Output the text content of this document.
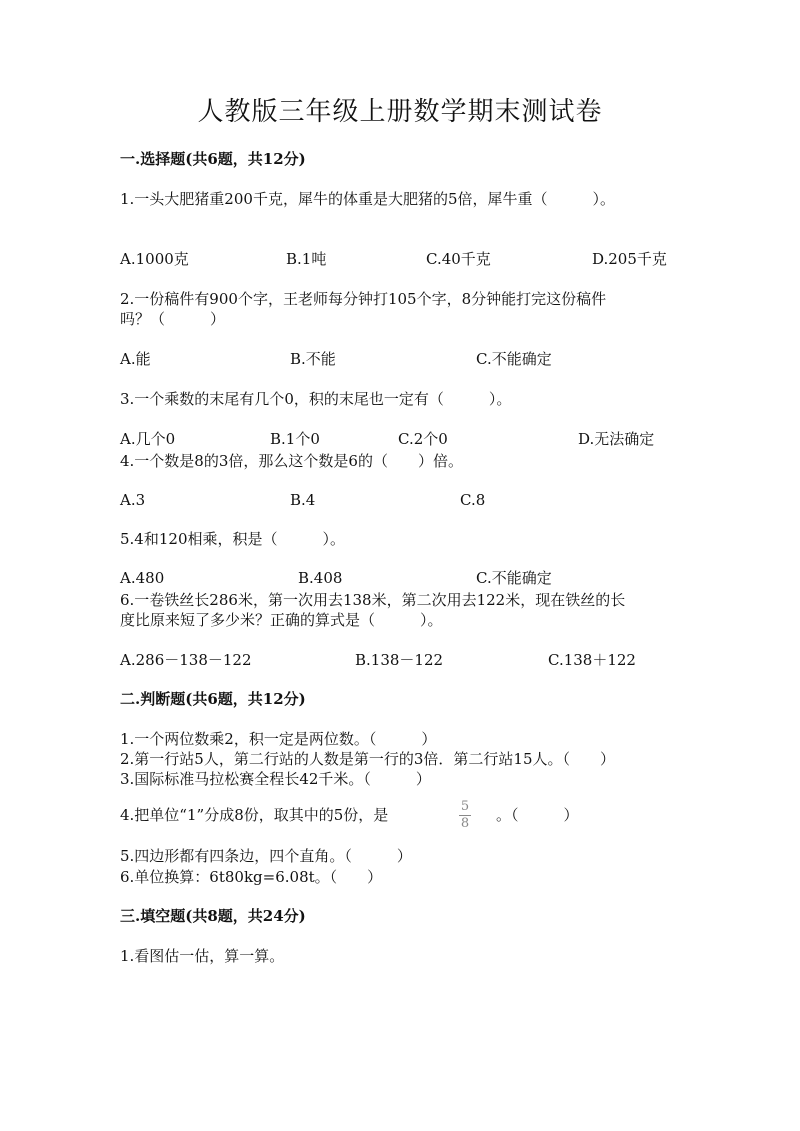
人教版三年级上册数学期末测试卷
一.选择题(共6题，共12分)
1.一头大肥猪重200千克，犀牛的体重是大肥猪的5倍，犀牛重（　　　）。
A.1000克	B.1吨	C.40千克	D.205千克
2.一份稿件有900个字，王老师每分钟打105个字，8分钟能打完这份稿件
吗？（　　　）
A.能	B.不能	C.不能确定
3.一个乘数的末尾有几个0，积的末尾也一定有（　　　）。
A.几个0	B.1个0	C.2个0	D.无法确定
4.一个数是8的3倍，那么这个数是6的（　　）倍。
A.3	B.4	C.8
5.4和120相乘，积是（　　　）。
A.480	B.408	C.不能确定
6.一卷铁丝长286米，第一次用去138米，第二次用去122米，现在铁丝的长
度比原来短了多少米？正确的算式是（　　　）。
A.286－138－122	B.138－122	C.138＋122
二.判断题(共6题，共12分)
1.一个两位数乘2，积一定是两位数。（　　　）
2.第一行站5人，第二行站的人数是第一行的3倍．第二行站15人。（　　）
3.国际标准马拉松赛全程长42千米。（　　　）
4.把单位“1”分成8份，取其中的5份，是	5
8	。（　　　）
5.四边形都有四条边，四个直角。（　　　）
6.单位换算：6t80kg=6.08t。（　　）
三.填空题(共8题，共24分)
1.看图估一估，算一算。
